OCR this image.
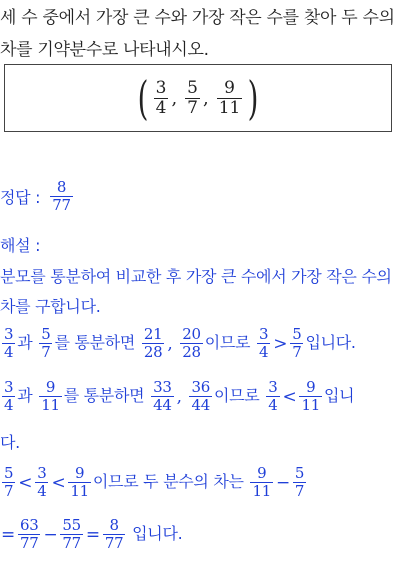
세 수 중에서 가장 큰 수와 가장 작은 수를 찾아 두 수의 차를 기약분수로 나타내시오.
( $\frac{3}{4}$ , $\frac{5}{7}$ , $\frac{9}{11}$ )
정답 : $\frac{8}{77}$
해설 :
분모를 통분하여 비교한 후 가장 큰 수에서 가장 작은 수의 차를 구합니다.
$\frac{3}{4}$ 과 $\frac{5}{7}$ 를 통분하면 $\frac{21}{28}$ , $\frac{20}{28}$ 이므로 $\frac{3}{4} > \frac{5}{7}$ 입니다.
$\frac{3}{4}$ 과 $\frac{9}{11}$ 를 통분하면 $\frac{33}{44}$ , $\frac{36}{44}$ 이므로 $\frac{3}{4} < \frac{9}{11}$ 입니
다.
$\frac{5}{7} < \frac{3}{4} < \frac{9}{11}$ 이므로 두 분수의 차는 $\frac{9}{11} - \frac{5}{7}$
= $\frac{63}{77} - \frac{55}{77} = \frac{8}{77}$ 입니다.
